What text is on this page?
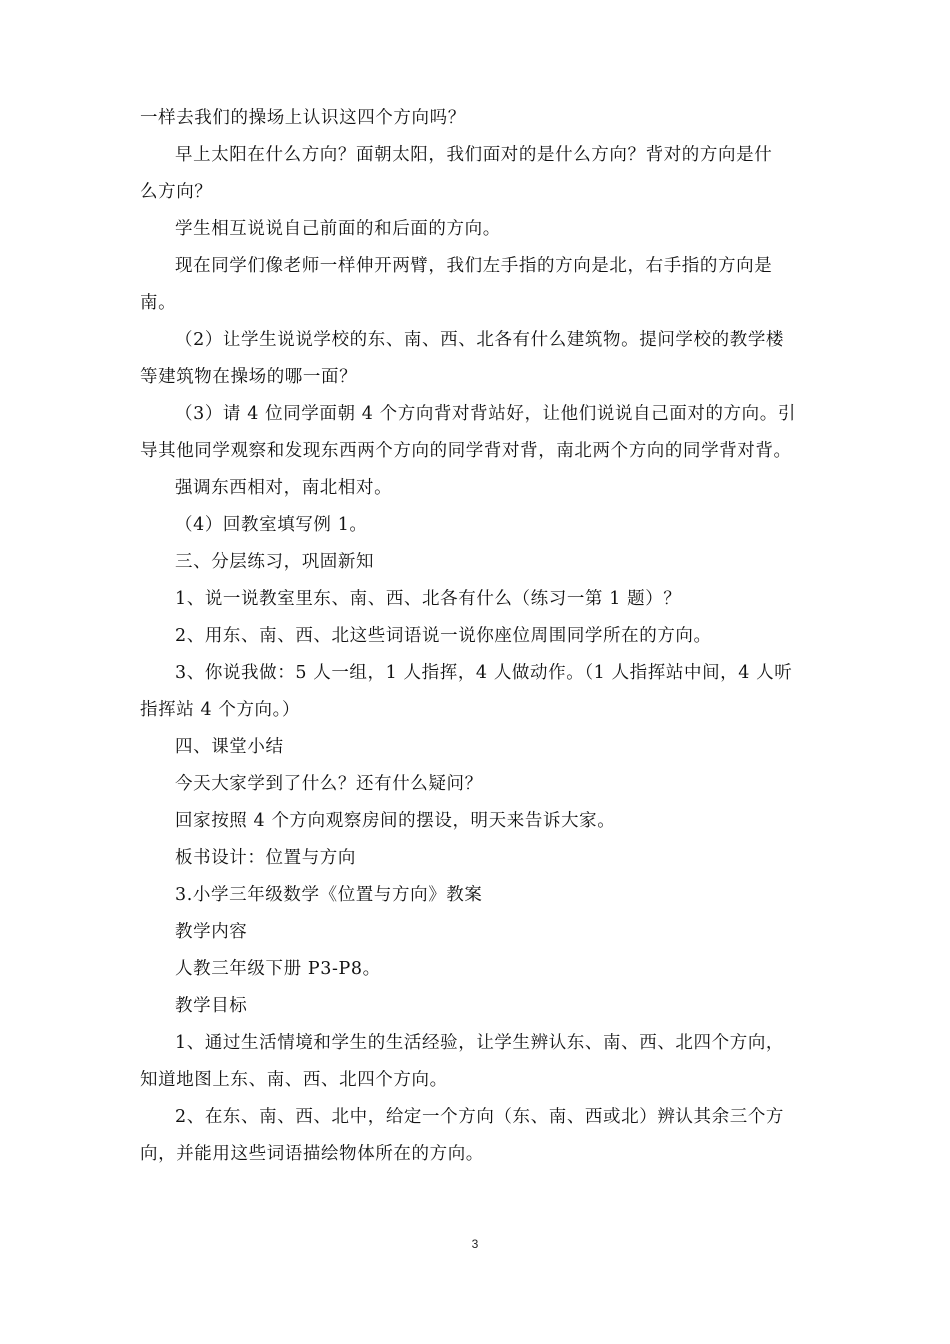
一样去我们的操场上认识这四个方向吗？

早上太阳在什么方向？面朝太阳，我们面对的是什么方向？背对的方向是什
么方向？

学生相互说说自己前面的和后面的方向。

现在同学们像老师一样伸开两臂，我们左手指的方向是北，右手指的方向是
南。

（2）让学生说说学校的东、南、西、北各有什么建筑物。提问学校的教学楼
等建筑物在操场的哪一面？

（3）请 4 位同学面朝 4 个方向背对背站好，让他们说说自己面对的方向。引
导其他同学观察和发现东西两个方向的同学背对背，南北两个方向的同学背对背。

强调东西相对，南北相对。

（4）回教室填写例 1。

三、分层练习，巩固新知

1、说一说教室里东、南、西、北各有什么（练习一第 1 题）？

2、用东、南、西、北这些词语说一说你座位周围同学所在的方向。

3、你说我做：5 人一组，1 人指挥，4 人做动作。（1 人指挥站中间，4 人听
指挥站 4 个方向。）

四、课堂小结

今天大家学到了什么？还有什么疑问？

回家按照 4 个方向观察房间的摆设，明天来告诉大家。

板书设计：位置与方向

3.小学三年级数学《位置与方向》教案

教学内容

人教三年级下册 P3-P8。

教学目标

1、通过生活情境和学生的生活经验，让学生辨认东、南、西、北四个方向，
知道地图上东、南、西、北四个方向。

2、在东、南、西、北中，给定一个方向（东、南、西或北）辨认其余三个方
向，并能用这些词语描绘物体所在的方向。

3
